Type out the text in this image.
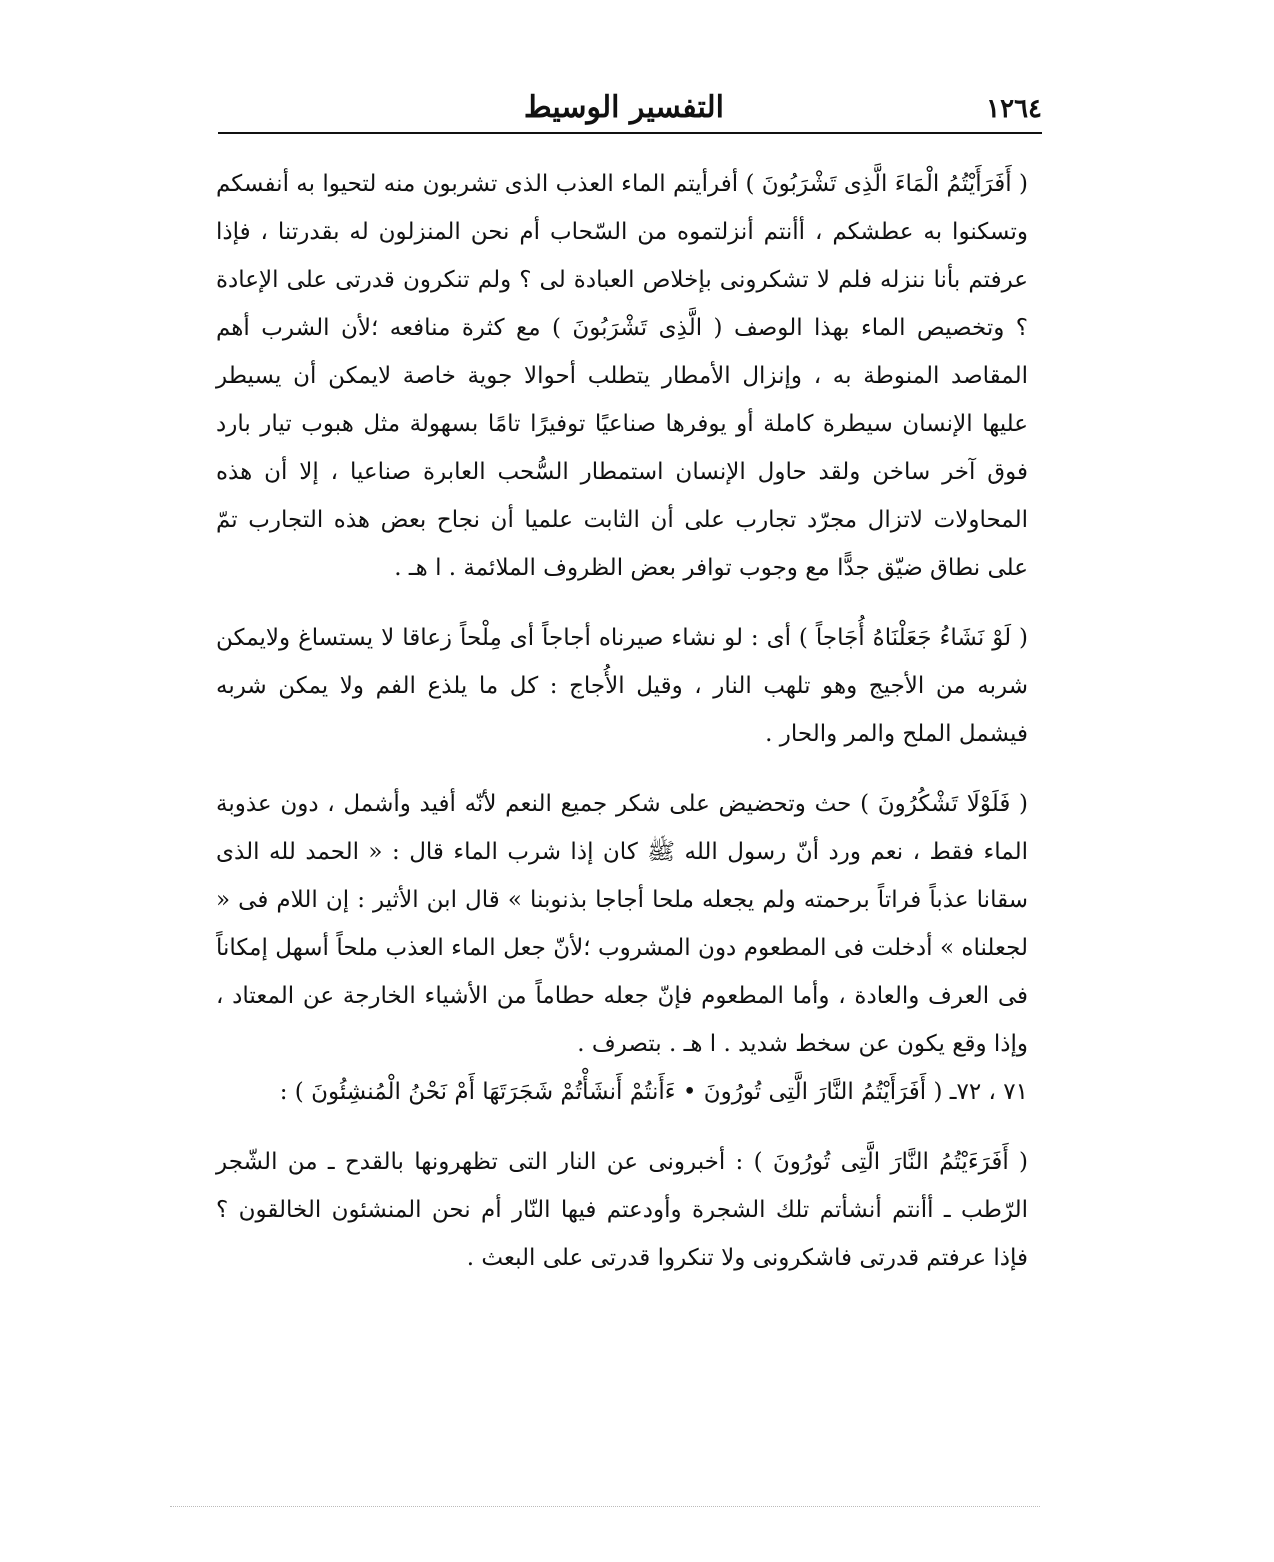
١٢٦٤
التفسير الوسيط

( أَفَرَأَيْتُمُ الْمَاءَ الَّذِى تَشْرَبُونَ ) أفرأيتم الماء العذب الذى تشربون منه لتحيوا به أنفسكم وتسكنوا به عطشكم ، أأنتم أنزلتموه من السّحاب أم نحن المنزلون له بقدرتنا ، فإذا عرفتم بأنا ننزله فلم لا تشكرونى بإخلاص العبادة لى ؟ ولم تنكرون قدرتى على الإعادة ؟ وتخصيص الماء بهذا الوصف ( الَّذِى تَشْرَبُونَ ) مع كثرة منافعه ؛لأن الشرب أهم المقاصد المنوطة به ، وإنزال الأمطار يتطلب أحوالا جوية خاصة لايمكن أن يسيطر عليها الإنسان سيطرة كاملة أو يوفرها صناعيًا توفيرًا تامًا بسهولة مثل هبوب تيار بارد فوق آخر ساخن ولقد حاول الإنسان استمطار السُّحب العابرة صناعيا ، إلا أن هذه المحاولات لاتزال مجرّد تجارب على أن الثابت علميا أن نجاح بعض هذه التجارب تمّ على نطاق ضيّق جدًّا مع وجوب توافر بعض الظروف الملائمة . ا هـ .

( لَوْ نَشَاءُ جَعَلْنَاهُ أُجَاجاً ) أى : لو نشاء صيرناه أجاجاً أى مِلْحاً زعاقا لا يستساغ ولايمكن شربه من الأجيج وهو تلهب النار ، وقيل الأُجاج : كل ما يلذع الفم ولا يمكن شربه فيشمل الملح والمر والحار .

( فَلَوْلَا تَشْكُرُونَ ) حث وتحضيض على شكر جميع النعم لأنّه أفيد وأشمل ، دون عذوبة الماء فقط ، نعم ورد أنّ رسول الله ﷺ كان إذا شرب الماء قال : « الحمد لله الذى سقانا عذباً فراتاً برحمته ولم يجعله ملحا أجاجا بذنوبنا » قال ابن الأثير : إن اللام فى « لجعلناه » أدخلت فى المطعوم دون المشروب ؛لأنّ جعل الماء العذب ملحاً أسهل إمكاناً فى العرف والعادة ، وأما المطعوم فإنّ جعله حطاماً من الأشياء الخارجة عن المعتاد ، وإذا وقع يكون عن سخط شديد . ا هـ . بتصرف .

٧١ ، ٧٢ـ ( أَفَرَأَيْتُمُ النَّارَ الَّتِى تُورُونَ • ءَأَنتُمْ أَنشَأْتُمْ شَجَرَتَهَا أَمْ نَحْنُ الْمُنشِئُونَ ) :

( أَفَرَءَيْتُمُ النَّارَ الَّتِى تُورُونَ ) : أخبرونى عن النار التى تظهرونها بالقدح ـ من الشّجر الرّطب ـ أأنتم أنشأتم تلك الشجرة وأودعتم فيها النّار أم نحن المنشئون الخالقون ؟ فإذا عرفتم قدرتى فاشكرونى ولا تنكروا قدرتى على البعث .
